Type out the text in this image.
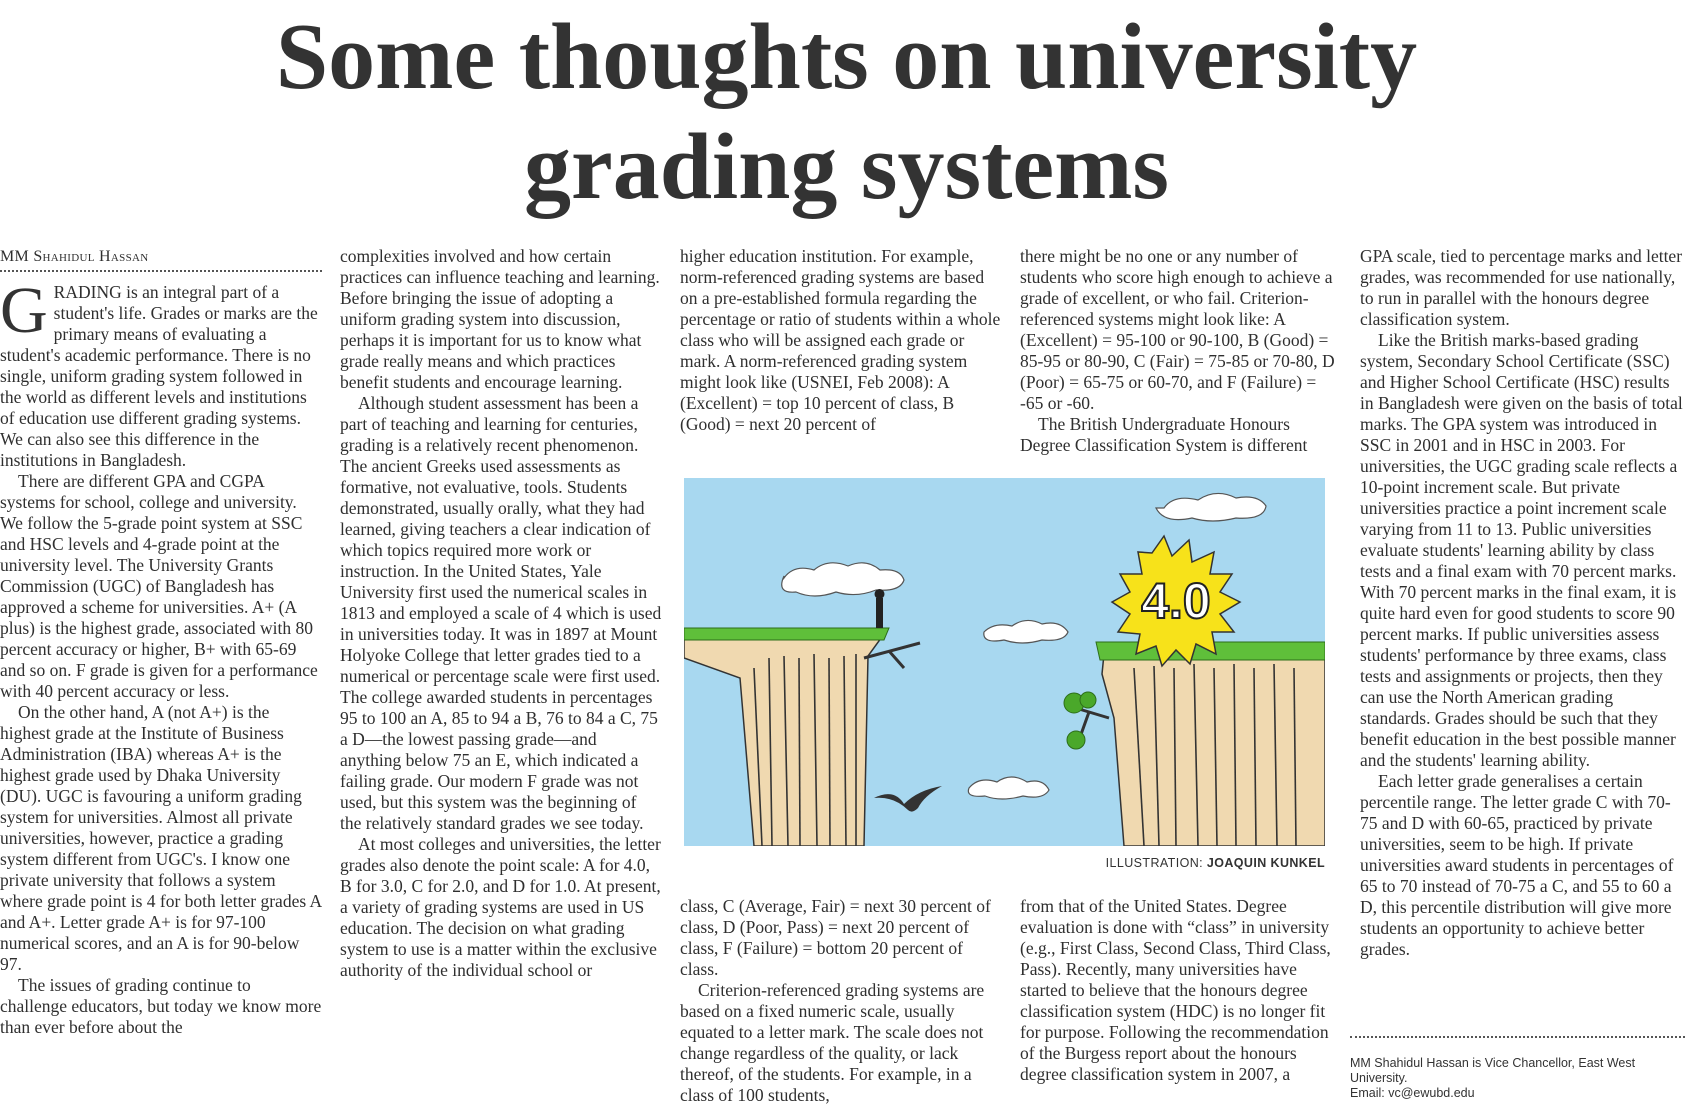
Some thoughts on university
grading systems
MM Shahidul Hassan

GRADING is an integral part of a student's life. Grades or marks are the primary means of evaluating a student's academic performance. There is no single, uniform grading system followed in the world as different levels and institutions of education use different grading systems. We can also see this difference in the institutions in Bangladesh.

There are different GPA and CGPA systems for school, college and university. We follow the 5-grade point system at SSC and HSC levels and 4-grade point at the university level. The University Grants Commission (UGC) of Bangladesh has approved a scheme for universities. A+ (A plus) is the highest grade, associated with 80 percent accuracy or higher, B+ with 65-69 and so on. F grade is given for a performance with 40 percent accuracy or less.

On the other hand, A (not A+) is the highest grade at the Institute of Business Administration (IBA) whereas A+ is the highest grade used by Dhaka University (DU). UGC is favouring a uniform grading system for universities. Almost all private universities, however, practice a grading system different from UGC's. I know one private university that follows a system where grade point is 4 for both letter grades A and A+. Letter grade A+ is for 97-100 numerical scores, and an A is for 90-below 97.

The issues of grading continue to challenge educators, but today we know more than ever before about the

complexities involved and how certain practices can influence teaching and learning. Before bringing the issue of adopting a uniform grading system into discussion, perhaps it is important for us to know what grade really means and which practices benefit students and encourage learning.

Although student assessment has been a part of teaching and learning for centuries, grading is a relatively recent phenomenon. The ancient Greeks used assessments as formative, not evaluative, tools. Students demonstrated, usually orally, what they had learned, giving teachers a clear indication of which topics required more work or instruction. In the United States, Yale University first used the numerical scales in 1813 and employed a scale of 4 which is used in universities today. It was in 1897 at Mount Holyoke College that letter grades tied to a numerical or percentage scale were first used. The college awarded students in percentages 95 to 100 an A, 85 to 94 a B, 76 to 84 a C, 75 a D—the lowest passing grade—and anything below 75 an E, which indicated a failing grade. Our modern F grade was not used, but this system was the beginning of the relatively standard grades we see today.

At most colleges and universities, the letter grades also denote the point scale: A for 4.0, B for 3.0, C for 2.0, and D for 1.0. At present, a variety of grading systems are used in US education. The decision on what grading system to use is a matter within the exclusive authority of the individual school or

higher education institution. For example, norm-referenced grading systems are based on a pre-established formula regarding the percentage or ratio of students within a whole class who will be assigned each grade or mark. A norm-referenced grading system might look like (USNEI, Feb 2008): A (Excellent) = top 10 percent of class, B (Good) = next 20 percent of

there might be no one or any number of students who score high enough to achieve a grade of excellent, or who fail. Criterion-referenced systems might look like: A (Excellent) = 95-100 or 90-100, B (Good) = 85-95 or 80-90, C (Fair) = 75-85 or 70-80, D (Poor) = 65-75 or 60-70, and F (Failure) = -65 or -60.

The British Undergraduate Honours Degree Classification System is different

4.0
ILLUSTRATION: JOAQUIN KUNKEL

class, C (Average, Fair) = next 30 percent of class, D (Poor, Pass) = next 20 percent of class, F (Failure) = bottom 20 percent of class.

Criterion-referenced grading systems are based on a fixed numeric scale, usually equated to a letter mark. The scale does not change regardless of the quality, or lack thereof, of the students. For example, in a class of 100 students,

from that of the United States. Degree evaluation is done with “class” in university (e.g., First Class, Second Class, Third Class, Pass). Recently, many universities have started to believe that the honours degree classification system (HDC) is no longer fit for purpose. Following the recommendation of the Burgess report about the honours degree classification system in 2007, a

GPA scale, tied to percentage marks and letter grades, was recommended for use nationally, to run in parallel with the honours degree classification system.

Like the British marks-based grading system, Secondary School Certificate (SSC) and Higher School Certificate (HSC) results in Bangladesh were given on the basis of total marks. The GPA system was introduced in SSC in 2001 and in HSC in 2003. For universities, the UGC grading scale reflects a 10-point increment scale. But private universities practice a point increment scale varying from 11 to 13. Public universities evaluate students' learning ability by class tests and a final exam with 70 percent marks. With 70 percent marks in the final exam, it is quite hard even for good students to score 90 percent marks. If public universities assess students' performance by three exams, class tests and assignments or projects, then they can use the North American grading standards. Grades should be such that they benefit education in the best possible manner and the students' learning ability.

Each letter grade generalises a certain percentile range. The letter grade C with 70-75 and D with 60-65, practiced by private universities, seem to be high. If private universities award students in percentages of 65 to 70 instead of 70-75 a C, and 55 to 60 a D, this percentile distribution will give more students an opportunity to achieve better grades.

MM Shahidul Hassan is Vice Chancellor, East West University.
Email: vc@ewubd.edu
